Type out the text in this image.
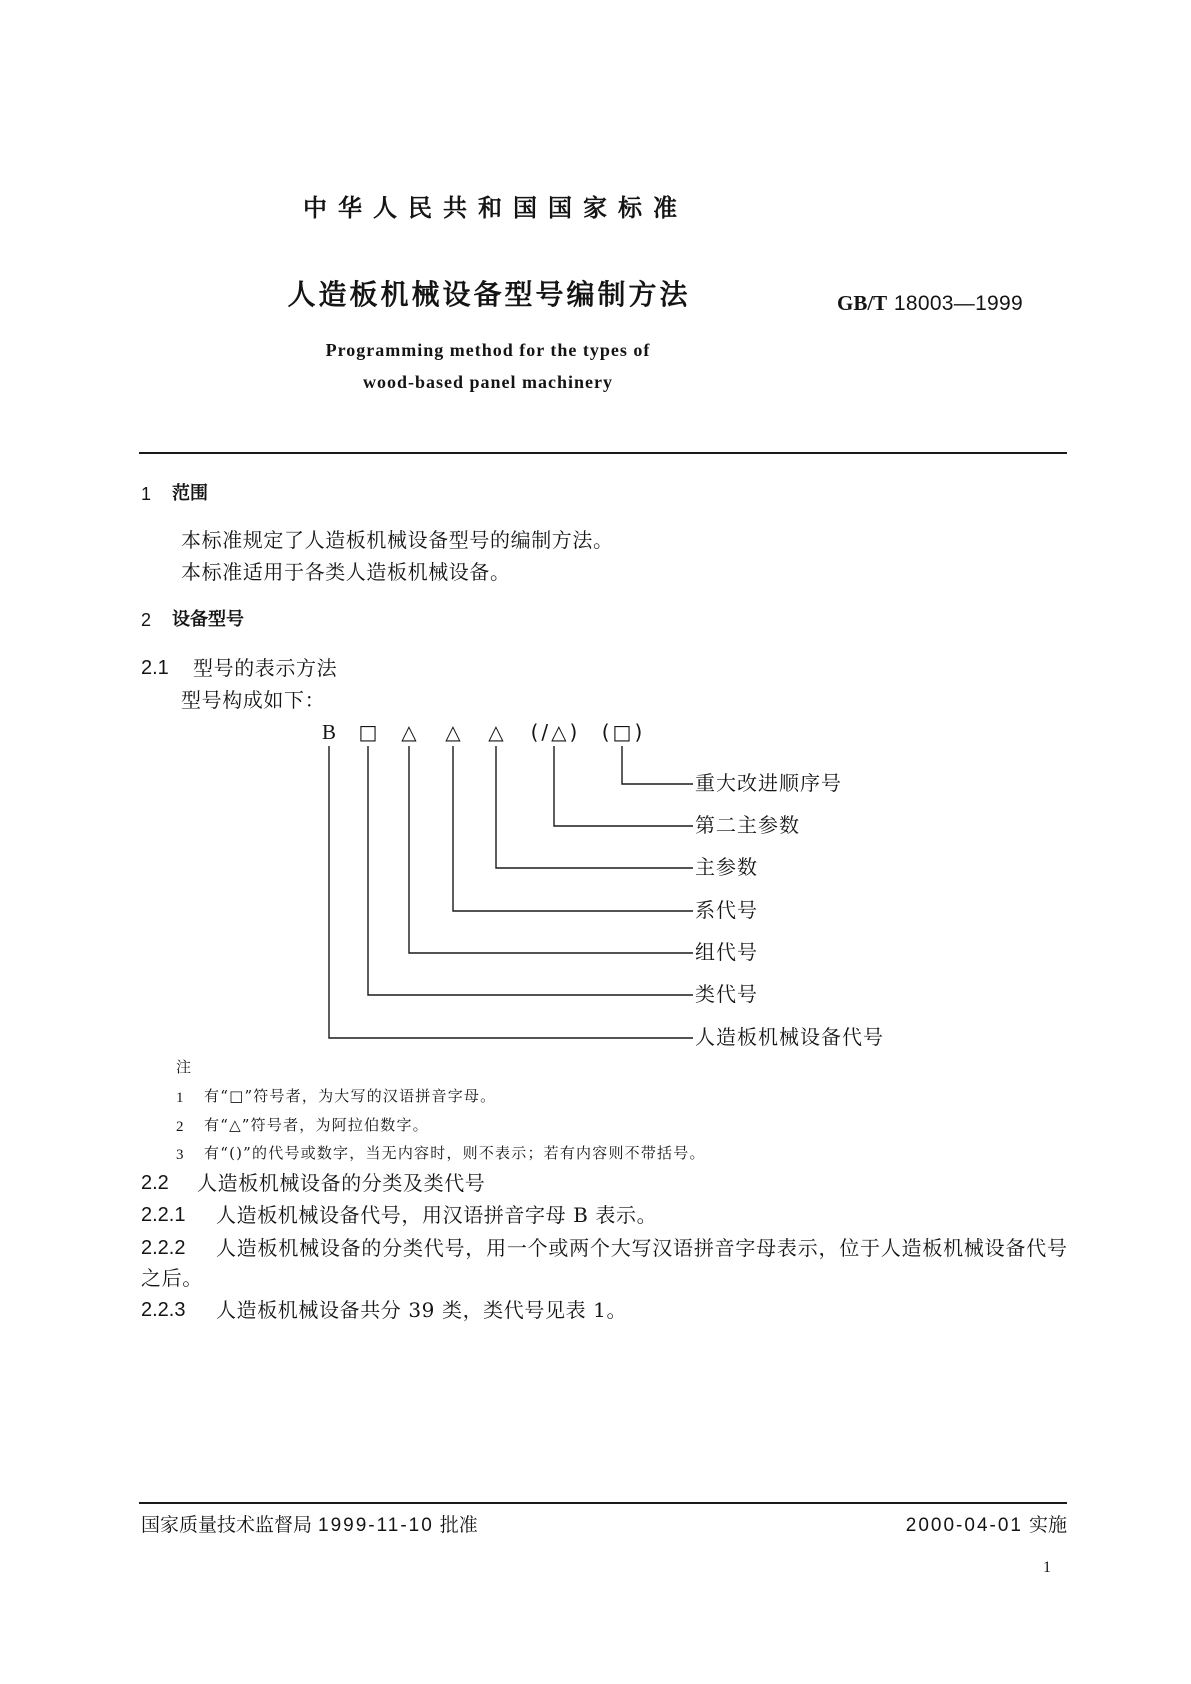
中华人民共和国国家标准
人造板机械设备型号编制方法	GB/T 18003—1999
Programming method for the types of
wood-based panel machinery
1 范围
本标准规定了人造板机械设备型号的编制方法。
本标准适用于各类人造板机械设备。
2 设备型号
2.1 型号的表示方法
型号构成如下：
B □ △ △ △ (/△) (□)
重大改进顺序号
第二主参数
主参数
系代号
组代号
类代号
人造板机械设备代号
注
1 有“□”符号者，为大写的汉语拼音字母。
2 有“△”符号者，为阿拉伯数字。
3 有“()”的代号或数字，当无内容时，则不表示；若有内容则不带括号。
2.2 人造板机械设备的分类及类代号
2.2.1 人造板机械设备代号，用汉语拼音字母 B 表示。
2.2.2 人造板机械设备的分类代号，用一个或两个大写汉语拼音字母表示，位于人造板机械设备代号
之后。
2.2.3 人造板机械设备共分 39 类，类代号见表 1。
国家质量技术监督局 1999-11-10 批准	2000-04-01 实施
1
